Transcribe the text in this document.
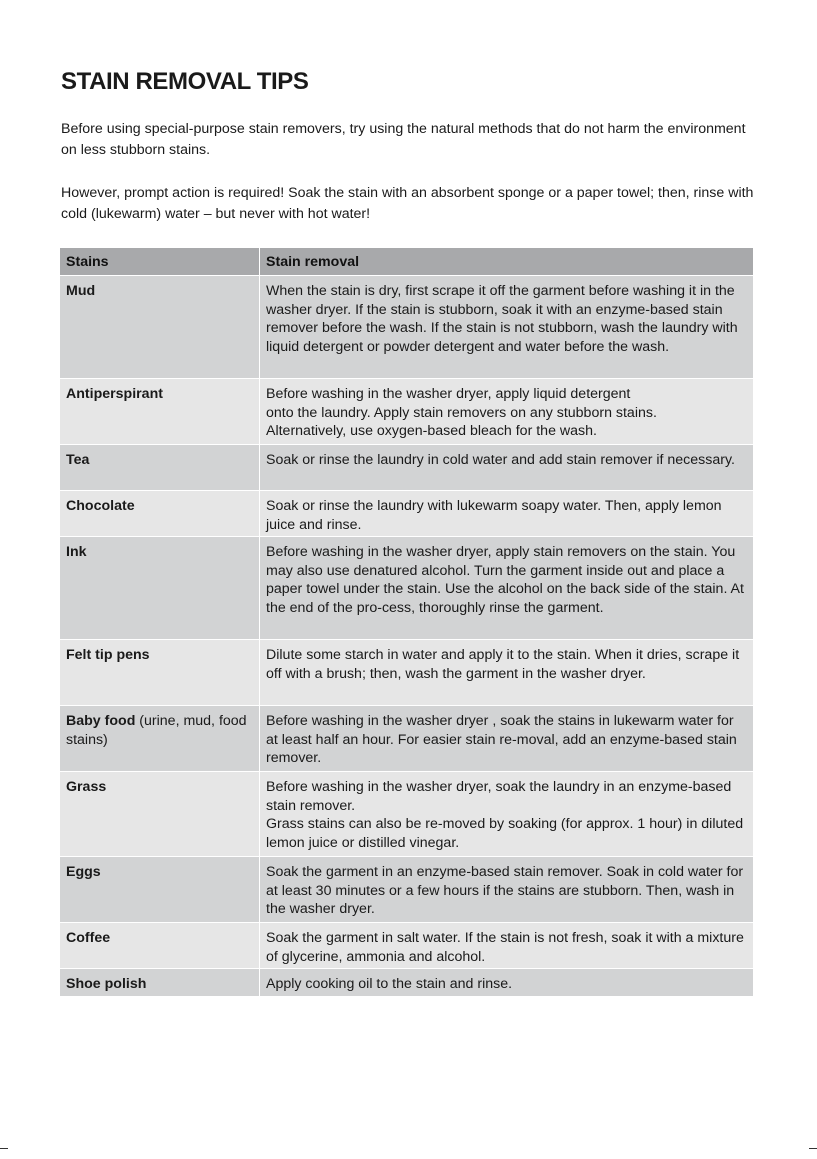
STAIN REMOVAL TIPS

Before using special-purpose stain removers, try using the natural methods that do not harm the environment on less stubborn stains.

However, prompt action is required! Soak the stain with an absorbent sponge or a paper towel; then, rinse with cold (lukewarm) water – but never with hot water!

Stains	Stain removal
Mud	When the stain is dry, first scrape it off the garment before washing it in the washer dryer. If the stain is stubborn, soak it with an enzyme-based stain remover before the wash. If the stain is not stubborn, wash the laundry with liquid detergent or powder detergent and water before the wash.

Antiperspirant	Before washing in the washer dryer, apply liquid detergent
onto the laundry. Apply stain removers on any stubborn stains.
Alternatively, use oxygen-based bleach for the wash.

Tea	Soak or rinse the laundry in cold water and add stain remover if necessary.

Chocolate	Soak or rinse the laundry with lukewarm soapy water. Then, apply lemon juice and rinse.

Ink	Before washing in the washer dryer, apply stain removers on the stain. You may also use denatured alcohol. Turn the garment inside out and place a paper towel under the stain. Use the alcohol on the back side of the stain. At the end of the pro-cess, thoroughly rinse the garment.

Felt tip pens	Dilute some starch in water and apply it to the stain. When it dries, scrape it off with a brush; then, wash the garment in the washer dryer.

Baby food (urine, mud, food stains)	Before washing in the washer dryer , soak the stains in lukewarm water for at least half an hour. For easier stain re-moval, add an enzyme-based stain remover.

Grass	Before washing in the washer dryer, soak the laundry in an enzyme-based stain remover.
Grass stains can also be re-moved by soaking (for approx. 1 hour) in diluted lemon juice or distilled vinegar.

Eggs	Soak the garment in an enzyme-based stain remover. Soak in cold water for at least 30 minutes or a few hours if the stains are stubborn. Then, wash in the washer dryer.

Coffee	Soak the garment in salt water. If the stain is not fresh, soak it with a mixture of glycerine, ammonia and alcohol.

Shoe polish	Apply cooking oil to the stain and rinse.
